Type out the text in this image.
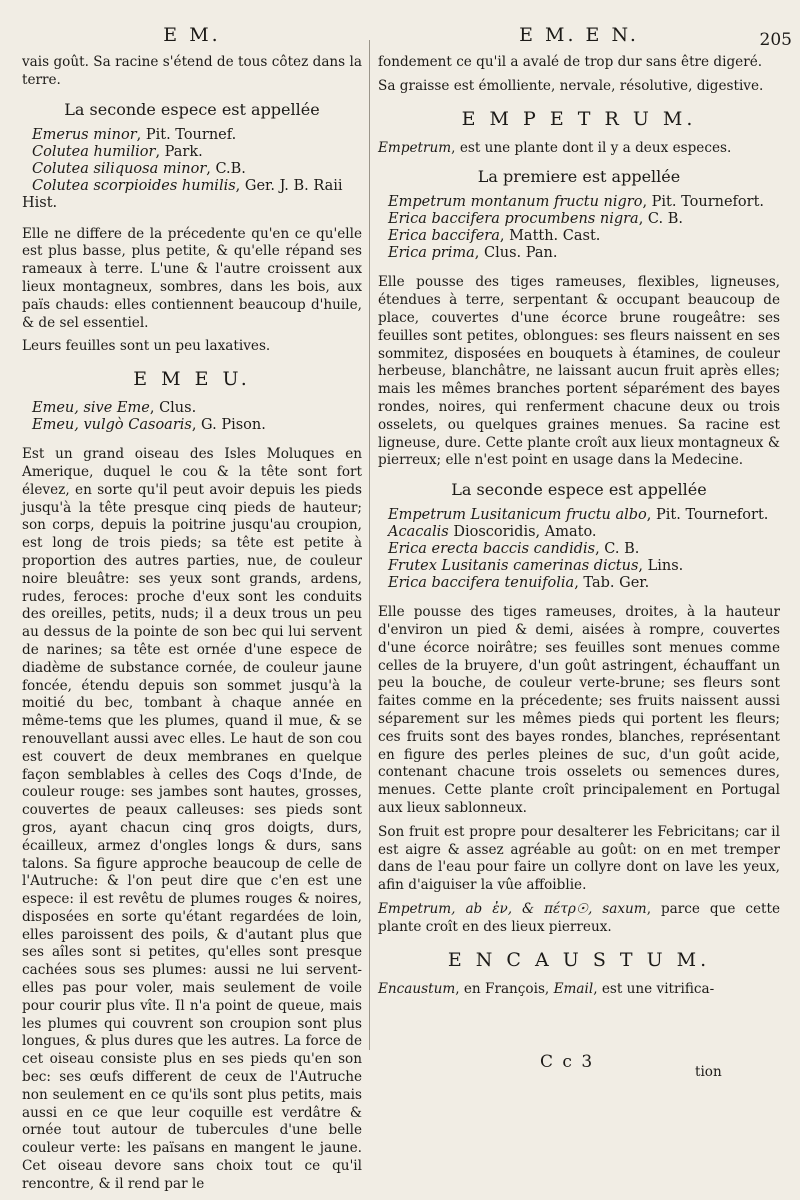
E M.

vais goût. Sa racine s'étend de tous côtez dans la terre.

La seconde espece est appellée
Emerus minor, Pit. Tournef.
Colutea humilior, Park.
Colutea siliquosa minor, C.B.
Colutea scorpioides humilis, Ger. J. B. Raii
Hist.

Elle ne differe de la précedente qu'en ce qu'elle est plus basse, plus petite, & qu'elle répand ses rameaux à terre. L'une & l'autre croissent aux lieux montagneux, sombres, dans les bois, aux païs chauds: elles contiennent beaucoup d'huile, & de sel essentiel.

Leurs feuilles sont un peu laxatives.

E M E U.
Emeu, sive Eme, Clus.
Emeu, vulgò Casoaris, G. Pison.

Est un grand oiseau des Isles Moluques en Amerique, duquel le cou & la tête sont fort élevez, en sorte qu'il peut avoir depuis les pieds jusqu'à la tête presque cinq pieds de hauteur; son corps, depuis la poitrine jusqu'au croupion, est long de trois pieds; sa tête est petite à proportion des autres parties, nue, de couleur noire bleuâtre: ses yeux sont grands, ardens, rudes, feroces: proche d'eux sont les conduits des oreilles, petits, nuds; il a deux trous un peu au dessus de la pointe de son bec qui lui servent de narines; sa tête est ornée d'une espece de diadème de substance cornée, de couleur jaune foncée, étendu depuis son sommet jusqu'à la moitié du bec, tombant à chaque année en même-tems que les plumes, quand il mue, & se renouvellant aussi avec elles. Le haut de son cou est couvert de deux membranes en quelque façon semblables à celles des Coqs d'Inde, de couleur rouge: ses jambes sont hautes, grosses, couvertes de peaux calleuses: ses pieds sont gros, ayant chacun cinq gros doigts, durs, écailleux, armez d'ongles longs & durs, sans talons. Sa figure approche beaucoup de celle de l'Autruche: & l'on peut dire que c'en est une espece: il est revêtu de plumes rouges & noires, disposées en sorte qu'étant regardées de loin, elles paroissent des poils, & d'autant plus que ses aîles sont si petites, qu'elles sont presque cachées sous ses plumes: aussi ne lui servent-elles pas pour voler, mais seulement de voile pour courir plus vîte. Il n'a point de queue, mais les plumes qui couvrent son croupion sont plus longues, & plus dures que les autres. La force de cet oiseau consiste plus en ses pieds qu'en son bec: ses œufs different de ceux de l'Autruche non seulement en ce qu'ils sont plus petits, mais aussi en ce que leur coquille est verdâtre & ornée tout autour de tubercules d'une belle couleur verte: les païsans en mangent le jaune. Cet oiseau devore sans choix tout ce qu'il rencontre, & il rend par le

E M. E N.

fondement ce qu'il a avalé de trop dur sans être digeré.

Sa graisse est émolliente, nervale, résolutive, digestive.

E M P E T R U M.

Empetrum, est une plante dont il y a deux especes.

La premiere est appellée
Empetrum montanum fructu nigro, Pit. Tournefort.
Erica baccifera procumbens nigra, C. B.
Erica baccifera, Matth. Cast.
Erica prima, Clus. Pan.

Elle pousse des tiges rameuses, flexibles, ligneuses, étendues à terre, serpentant & occupant beaucoup de place, couvertes d'une écorce brune rougeâtre: ses feuilles sont petites, oblongues: ses fleurs naissent en ses sommitez, disposées en bouquets à étamines, de couleur herbeuse, blanchâtre, ne laissant aucun fruit après elles; mais les mêmes branches portent séparément des bayes rondes, noires, qui renferment chacune deux ou trois osselets, ou quelques graines menues. Sa racine est ligneuse, dure. Cette plante croît aux lieux montagneux & pierreux; elle n'est point en usage dans la Medecine.

La seconde espece est appellée
Empetrum Lusitanicum fructu albo, Pit. Tournefort.
Acacalis Dioscoridis, Amato.
Erica erecta baccis candidis, C. B.
Frutex Lusitanis camerinas dictus, Lins.
Erica baccifera tenuifolia, Tab. Ger.

Elle pousse des tiges rameuses, droites, à la hauteur d'environ un pied & demi, aisées à rompre, couvertes d'une écorce noirâtre; ses feuilles sont menues comme celles de la bruyere, d'un goût astringent, échauffant un peu la bouche, de couleur verte-brune; ses fleurs sont faites comme en la précedente; ses fruits naissent aussi séparement sur les mêmes pieds qui portent les fleurs; ces fruits sont des bayes rondes, blanches, représentant en figure des perles pleines de suc, d'un goût acide, contenant chacune trois osselets ou semences dures, menues. Cette plante croît principalement en Portugal aux lieux sablonneux.

Son fruit est propre pour desalterer les Febricitans; car il est aigre & assez agréable au goût: on en met tremper dans de l'eau pour faire un collyre dont on lave les yeux, afin d'aiguiser la vûe affoiblie.

Empetrum, ab ἐν, & πέτρ☉, saxum, parce que cette plante croît en des lieux pierreux.

E N C A U S T U M.

Encaustum, en François, Email, est une vitrifica-

205
C c 3	tion
